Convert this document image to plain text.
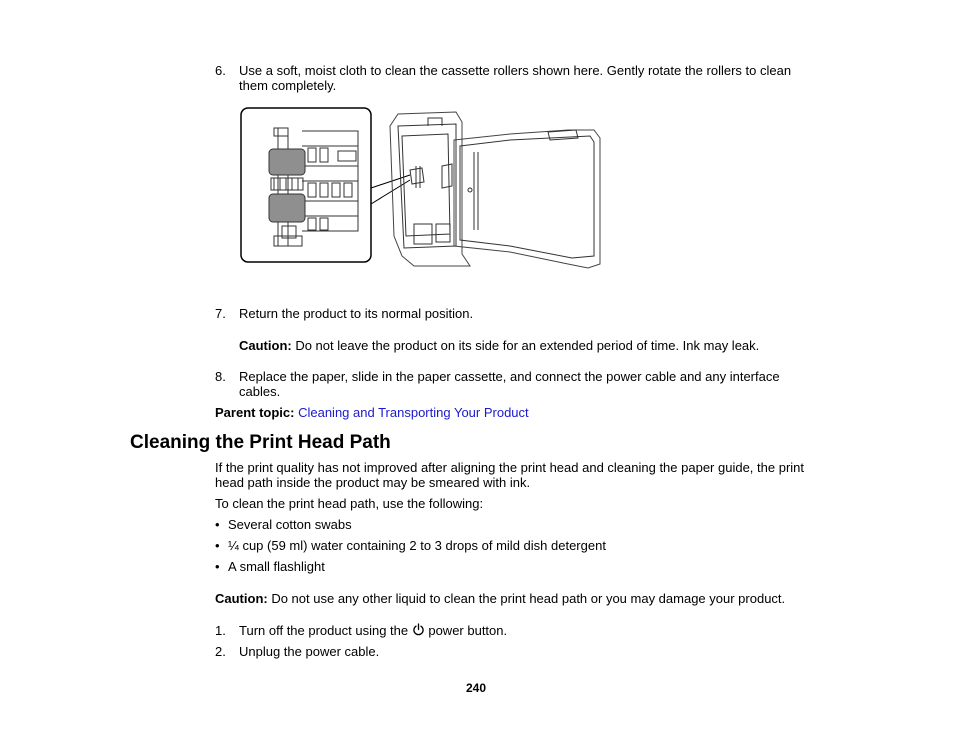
6. Use a soft, moist cloth to clean the cassette rollers shown here. Gently rotate the rollers to clean
them completely.
7. Return the product to its normal position.
Caution: Do not leave the product on its side for an extended period of time. Ink may leak.
8. Replace the paper, slide in the paper cassette, and connect the power cable and any interface
cables.
Parent topic: Cleaning and Transporting Your Product
Cleaning the Print Head Path
If the print quality has not improved after aligning the print head and cleaning the paper guide, the print
head path inside the product may be smeared with ink.
To clean the print head path, use the following:
• Several cotton swabs
• ¼ cup (59 ml) water containing 2 to 3 drops of mild dish detergent
• A small flashlight
Caution: Do not use any other liquid to clean the print head path or you may damage your product.
1. Turn off the product using the  power button.
2. Unplug the power cable.
240
